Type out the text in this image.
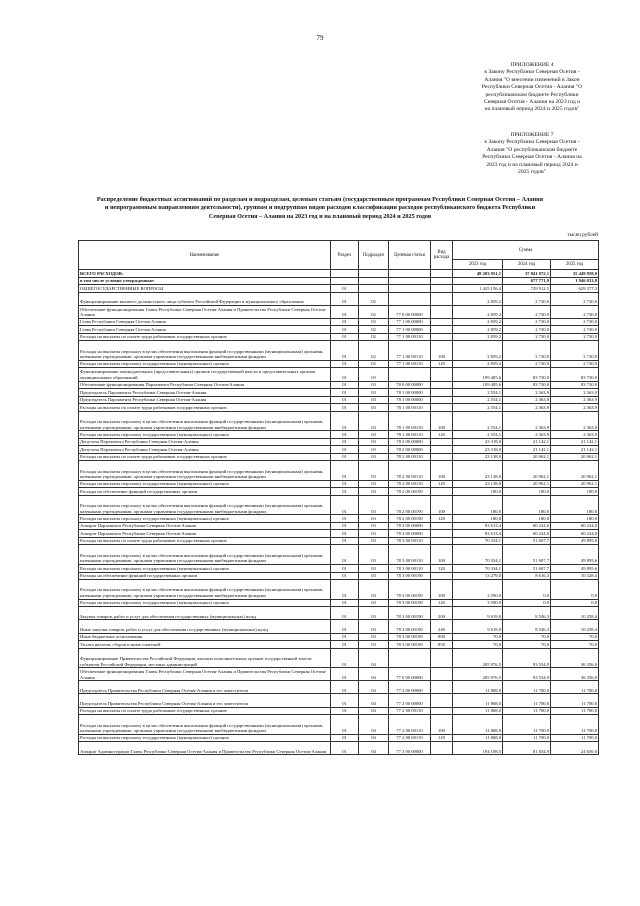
79
ПРИЛОЖЕНИЕ 4
к Закону Республики Северная Осетия -
Алания "О внесении изменений в Закон
Республики Северная Осетия - Алания "О
республиканском бюджете Республики
Северная Осетия - Алания на 2023 год и
на плановый период 2024 и 2025 годов"
ПРИЛОЖЕНИЕ 7
к Закону Республики Северная Осетия -
Алания "О республиканском бюджете
Республики Северная Осетия - Алания на
2023 год и на плановый период 2024 и
2025 годов"
Распределение бюджетных ассигнований по разделам и подразделам, целевым статьям (государственным программам Республики Северная Осетия – Алания и непрограммным направлениям деятельности), группам и подгруппам видов расходов классификации расходов республиканского бюджета Республики Северная Осетия – Алания на 2023 год и на плановый период 2024 и 2025 годов
тысяч рублей
Наименование	Раздел	Подраздел	Целевая статья	Вид расхода	Сумма		
					2023 год	2024 год	2025 год
ВСЕГО РАСХОДОВ:					48 203 951,1	37 841 072,1	35 449 858,0
в том числе условно утвержденные:						677 771,9	1 946 033,8
ОБЩЕГОСУДАРСТВЕННЫЕ ВОПРОСЫ	01				1 425 156,4	729 912,5	629 377,3
Функционирование высшего должностного лица субъекта Российской Федерации и муниципального образования	01	02			2 859,2	2 730,0	2 730,0
Обеспечение функционирования Главы Республики Северная Осетия-Алания и Правительства Республики Северная Осетия-Алания	01	02	77 0 00 00000		2 859,2	2 730,0	2 730,0
Глава Республики Северная Осетия-Алания	01	02	77 1 00 00000		2 859,2	2 730,0	2 730,0
Глава Республики Северная Осетия-Алания	01	02	77 1 00 00000		2 859,2	2 730,0	2 730,0
Расходы на выплаты по оплате труда работников государственных органов	01	02	77 1 00 00110		2 859,2	2 730,0	2 730,0
Расходы на выплаты персоналу в целях обеспечения выполнения функций государственными (муниципальными) органами, казенными учреждениями, органами управления государственными внебюджетными фондами	01	02	77 1 00 00110	100	2 859,2	2 730,0	2 730,0
Расходы на выплаты персоналу государственных (муниципальных) органов	01	02	77 1 00 00110	120	2 859,2	2 730,0	2 730,0
Функционирование законодательных (представительных) органов государственной власти и представительных органов муниципальных образований	01	03			109 485,6	83 730,0	83 730,0
Обеспечение функционирования Парламента Республики Северная Осетия-Алания	01	03	78 0 00 00000		109 485,6	83 730,0	83 730,0
Председатель Парламента Республики Северная Осетия-Алания	01	03	78 1 00 00000		2 554,1	2 363,9	2 363,9
Председатель Парламента Республики Северная Осетия-Алания	01	03	78 1 00 00000		2 554,1	2 363,9	2 363,9
Расходы на выплаты по оплате труда работников государственных органов	01	03	78 1 00 00110		2 554,1	2 363,9	2 363,9
Расходы на выплаты персоналу в целях обеспечения выполнения функций государственными (муниципальными) органами, казенными учреждениями, органами управления государственными внебюджетными фондами	01	03	78 1 00 00110	100	2 554,1	2 363,9	2 363,9
Расходы на выплаты персоналу государственных (муниципальных) органов	01	03	78 1 00 00110	120	2 554,1	2 363,9	2 363,9
Депутаты Парламента Республики Северная Осетия-Алания	01	03	78 2 00 00000		23 318,0	21 142,1	21 142,1
Депутаты Парламента Республики Северная Осетия-Алания	01	03	78 2 00 00000		23 318,0	21 142,1	21 142,1
Расходы на выплаты по оплате труда работников государственных органов	01	03	78 2 00 00110		23 138,0	20 962,1	20 962,1
Расходы на выплаты персоналу в целях обеспечения выполнения функций государственными (муниципальными) органами, казенными учреждениями, органами управления государственными внебюджетными фондами	01	03	78 2 00 00110	100	23 138,0	20 962,1	20 962,1
Расходы на выплаты персоналу государственных (муниципальных) органов	01	03	78 2 00 00110	120	23 138,0	20 962,1	20 962,1
Расходы на обеспечение функций государственных органов	01	03	78 2 00 00190		180,0	180,0	180,0
Расходы на выплаты персоналу в целях обеспечения выполнения функций государственными (муниципальными) органами, казенными учреждениями, органами управления государственными внебюджетными фондами	01	03	78 2 00 00190	100	180,0	180,0	180,0
Расходы на выплаты персоналу государственных (муниципальных) органов	01	03	78 2 00 00190	120	180,0	180,0	180,0
Аппарат Парламента Республики Северная Осетия-Алания	01	03	78 3 00 00000		83 613,4	60 224,0	60 224,0
Аппарат Парламента Республики Северная Осетия-Алания	01	03	78 3 00 00000		83 613,4	60 224,0	60 224,0
Расходы на выплаты по оплате труда работников государственных органов	01	03	78 3 00 00110		70 334,1	51 607,7	49 895,6
Расходы на выплаты персоналу в целях обеспечения выполнения функций государственными (муниципальными) органами, казенными учреждениями, органами управления государственными внебюджетными фондами	01	03	78 3 00 00110	100	70 334,1	51 607,7	49 895,6
Расходы на выплаты персоналу государственных (муниципальных) органов	01	03	78 3 00 00110	120	70 334,1	51 607,7	49 895,6
Расходы на обеспечение функций государственных органов	01	03	78 3 00 00190		13 279,0	8 616,3	10 328,4
Расходы на выплаты персоналу в целях обеспечения выполнения функций государственными (муниципальными) органами, казенными учреждениями, органами управления государственными внебюджетными фондами	01	03	78 3 00 00190	100	3 590,0	0,0	0,0
Расходы на выплаты персоналу государственных (муниципальных) органов	01	03	78 3 00 00190	120	3 590,0	0,0	0,0
Закупка товаров, работ и услуг для обеспечения государственных (муниципальных) нужд	01	03	78 3 00 00190	200	9 619,0	8 546,3	10 258,4
Иные закупки товаров, работ и услуг для обеспечения государственных (муниципальных) нужд	01	03	78 3 00 00190	240	9 619,0	8 546,3	10 258,4
Иные бюджетные ассигнования	01	03	78 3 00 00190	800	70,0	70,0	70,0
Уплата налогов, сборов и иных платежей	01	03	78 3 00 00190	850	70,0	70,0	70,0
Функционирование Правительства Российской Федерации, высших исполнительных органов государственной власти субъектов Российской Федерации, местных администраций	01	04			205 976,5	93 534,9	36 356,0
Обеспечение функционирования Главы Республики Северная Осетия-Алания и Правительства Республики Северная Осетия-Алания	01	04	77 0 00 00000		205 976,5	93 534,9	36 356,0
Председатель Правительства Республики Северная Осетия-Алания и его заместители	01	04	77 2 00 00000		11 868,0	11 700,0	11 700,0
Председатель Правительства Республики Северная Осетия-Алания и его заместители	01	04	77 2 00 00000		11 868,0	11 700,0	11 700,0
Расходы на выплаты по оплате труда работников государственных органов	01	04	77 2 00 00110		11 868,0	11 700,0	11 700,0
Расходы на выплаты персоналу в целях обеспечения выполнения функций государственными (муниципальными) органами, казенными учреждениями, органами управления государственными внебюджетными фондами	01	04	77 2 00 00110	100	11 868,0	11 700,0	11 700,0
Расходы на выплаты персоналу государственных (муниципальных) органов	01	04	77 2 00 00110	120	11 868,0	11 700,0	11 700,0
Аппарат Администрации Главы Республики Северная Осетия-Алания и Правительства Республики Северная Осетия-Алания	01	04	77 3 00 00000		194 108,5	81 834,9	24 656,0
